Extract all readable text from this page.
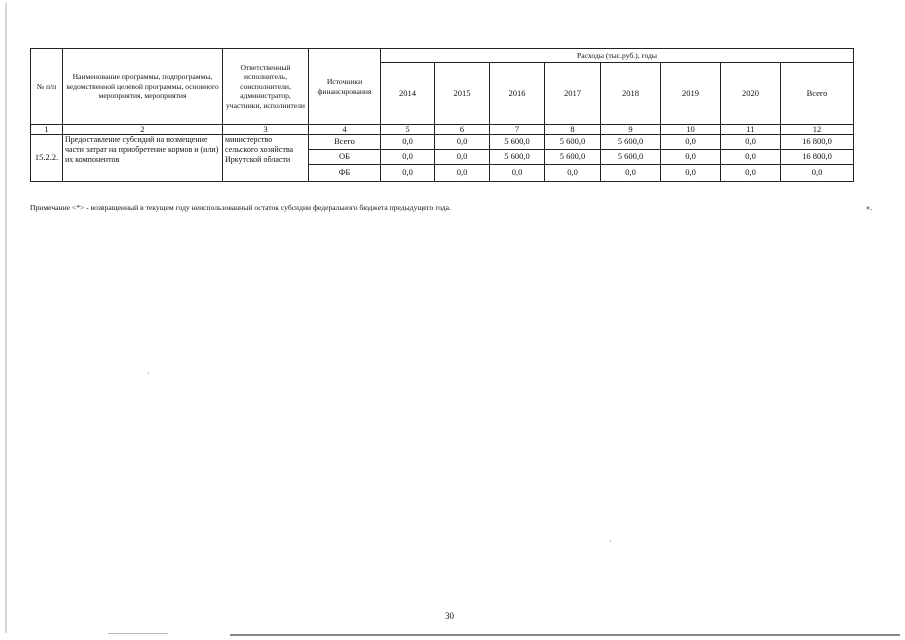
№ п/п	Наименование программы, подпрограммы, ведомственной целевой программы, основного мероприятия, мероприятия	Ответственный исполнитель, соисполнители, администратор, участники, исполнители	Источники финансирования	Расходы (тыс.руб.), годы							
				2014	2015	2016	2017	2018	2019	2020	Всего
1	2	3	4	5	6	7	8	9	10	11	12
15.2.2.	Предоставление субсидий на возмещение части затрат на приобретение кормов и (или) их компонентов	министерство сельского хозяйства Иркутской области	Всего	0,0	0,0	5 600,0	5 600,0	5 600,0	0,0	0,0	16 800,0
			ОБ	0,0	0,0	5 600,0	5 600,0	5 600,0	0,0	0,0	16 800,0
			ФБ	0,0	0,0	0,0	0,0	0,0	0,0	0,0	0,0
Примечание <*> - возвращенный в текущем году неиспользованный остаток субсидии федерального бюджета предыдущего года.	».
30
